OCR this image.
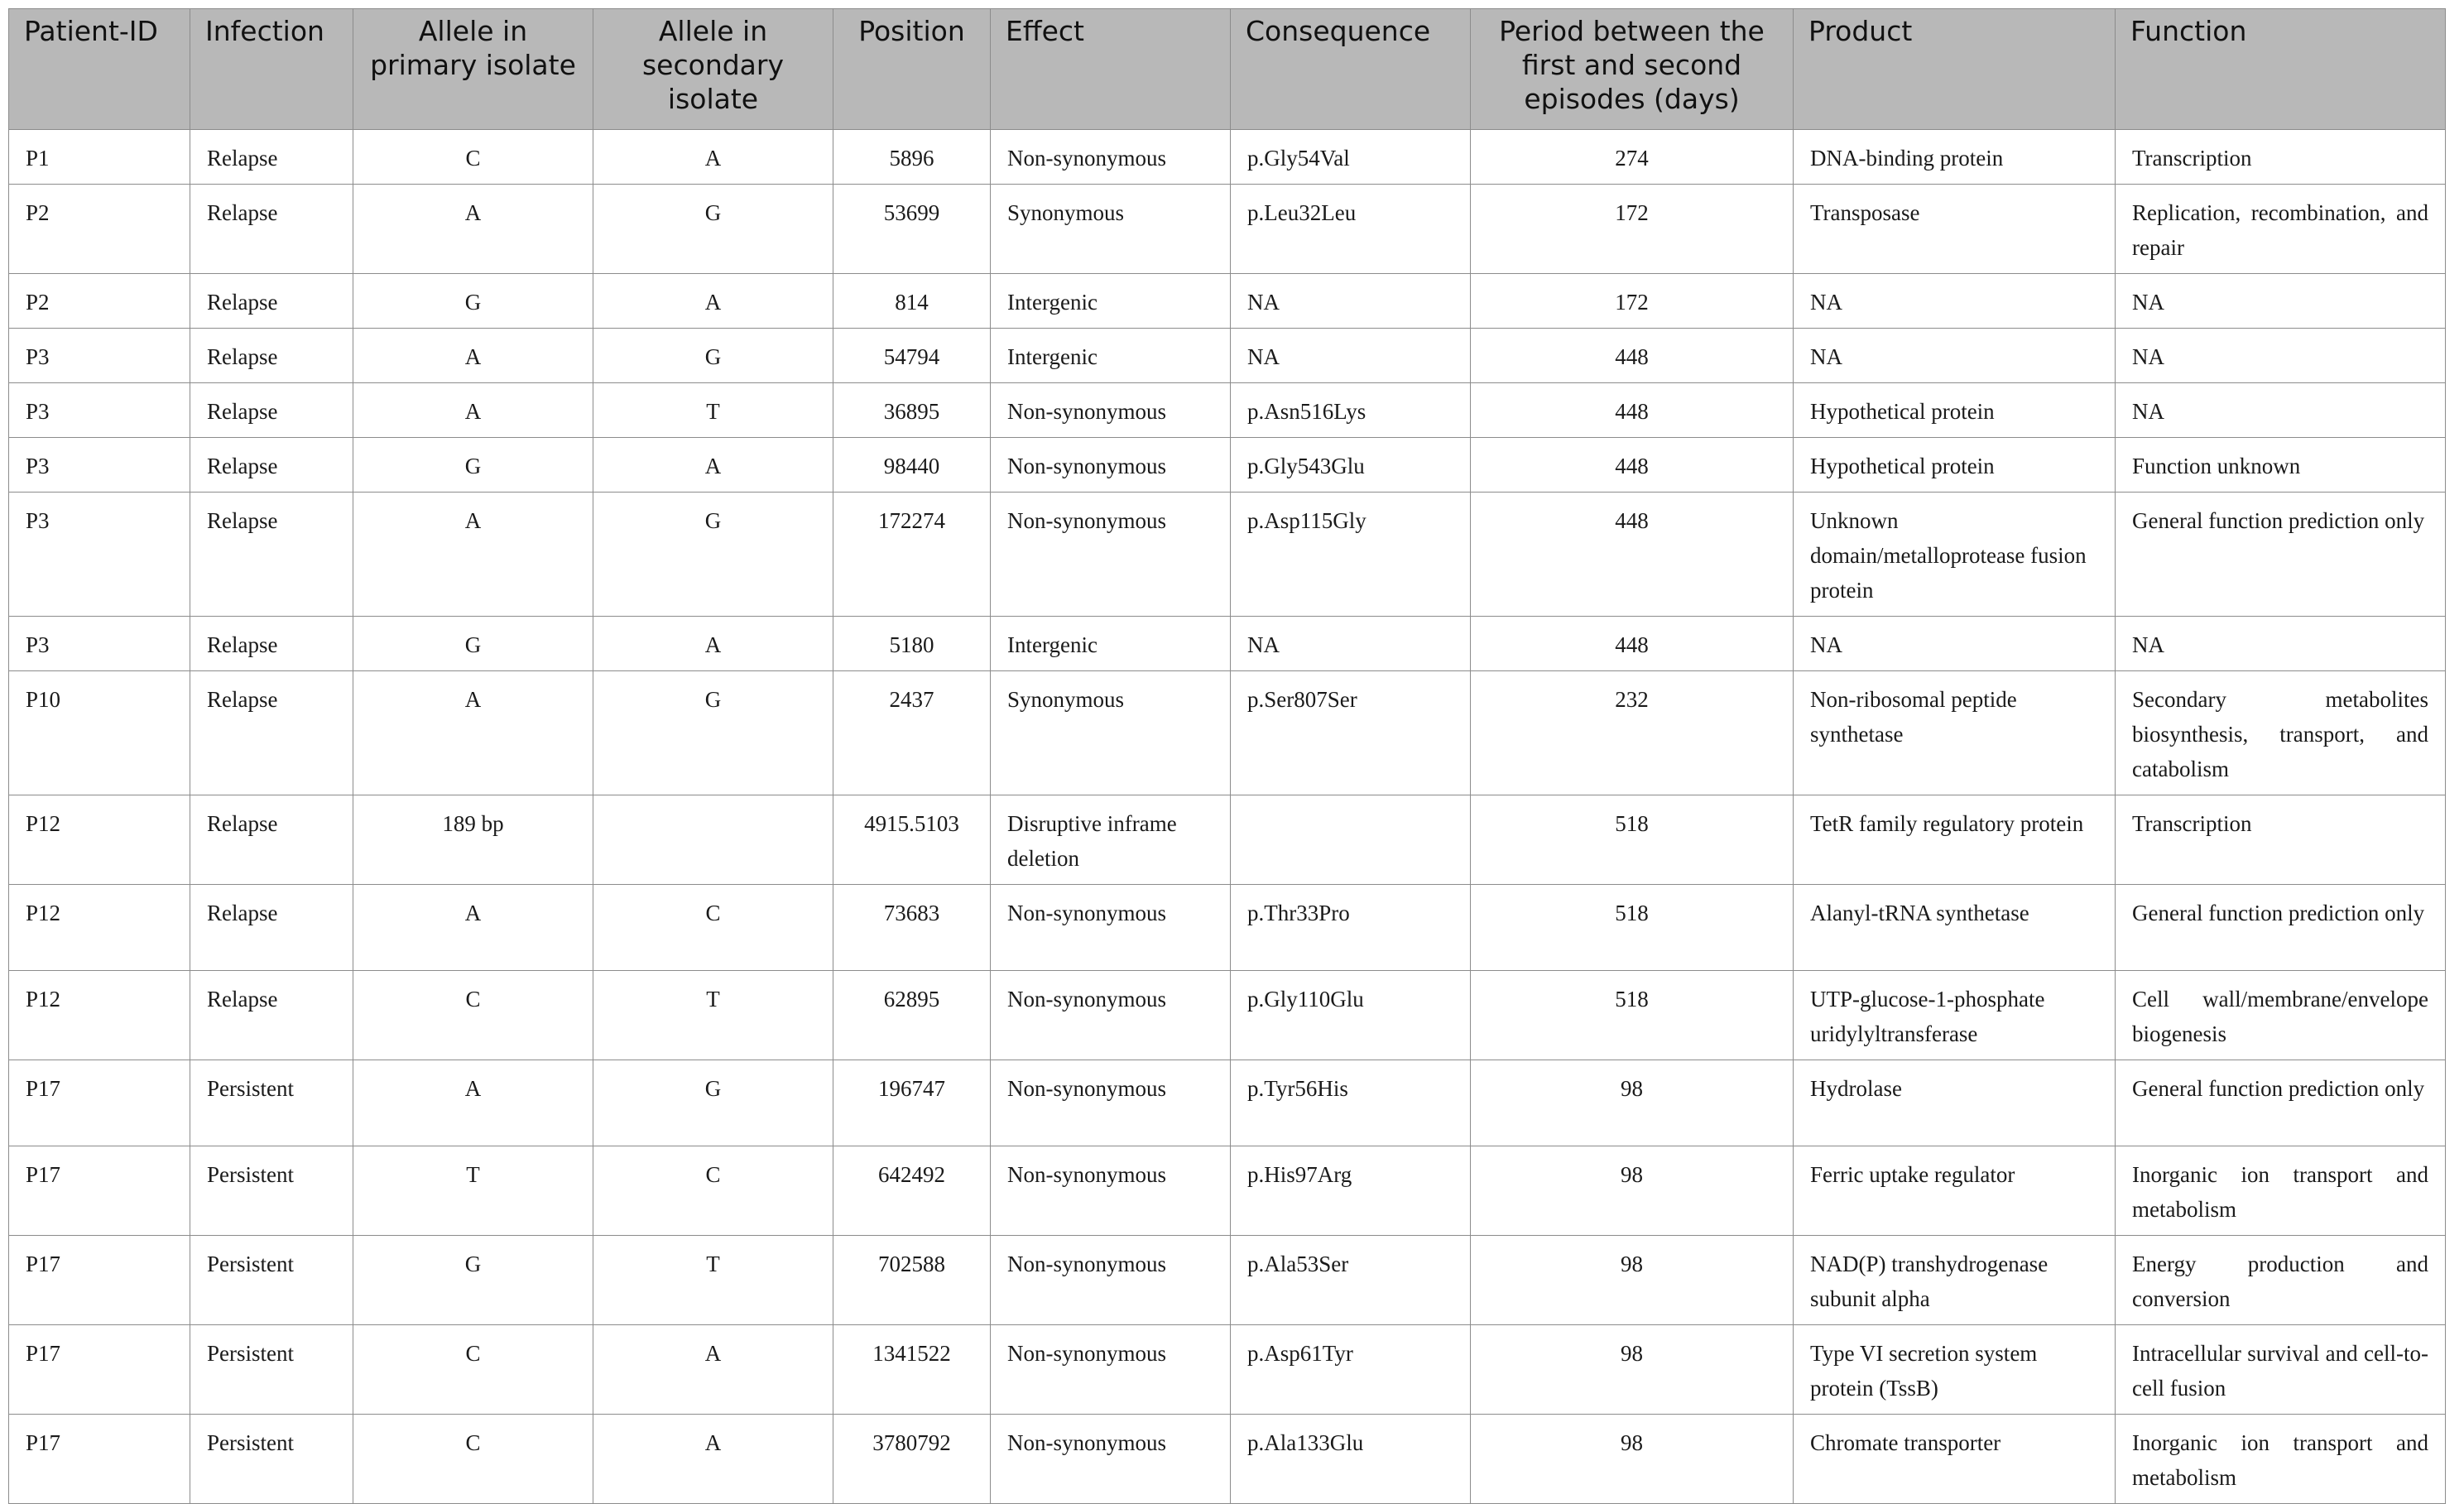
Patient-ID	Infection	Allele in primary isolate	Allele in secondary isolate	Position	Effect	Consequence	Period between the first and second episodes (days)	Product	Function
P1	Relapse	C	A	5896	Non-synonymous	p.Gly54Val	274	DNA-binding protein	Transcription
P2	Relapse	A	G	53699	Synonymous	p.Leu32Leu	172	Transposase	Replication, recombination, and repair
P2	Relapse	G	A	814	Intergenic	NA	172	NA	NA
P3	Relapse	A	G	54794	Intergenic	NA	448	NA	NA
P3	Relapse	A	T	36895	Non-synonymous	p.Asn516Lys	448	Hypothetical protein	NA
P3	Relapse	G	A	98440	Non-synonymous	p.Gly543Glu	448	Hypothetical protein	Function unknown
P3	Relapse	A	G	172274	Non-synonymous	p.Asp115Gly	448	Unknown domain/metalloprotease fusion protein	General function prediction only
P3	Relapse	G	A	5180	Intergenic	NA	448	NA	NA
P10	Relapse	A	G	2437	Synonymous	p.Ser807Ser	232	Non-ribosomal peptide synthetase	Secondary metabolites biosynthesis, transport, and catabolism
P12	Relapse	189 bp		4915.5103	Disruptive inframe deletion		518	TetR family regulatory protein	Transcription
P12	Relapse	A	C	73683	Non-synonymous	p.Thr33Pro	518	Alanyl-tRNA synthetase	General function prediction only
P12	Relapse	C	T	62895	Non-synonymous	p.Gly110Glu	518	UTP-glucose-1-phosphate uridylyltransferase	Cell wall/membrane/envelope biogenesis
P17	Persistent	A	G	196747	Non-synonymous	p.Tyr56His	98	Hydrolase	General function prediction only
P17	Persistent	T	C	642492	Non-synonymous	p.His97Arg	98	Ferric uptake regulator	Inorganic ion transport and metabolism
P17	Persistent	G	T	702588	Non-synonymous	p.Ala53Ser	98	NAD(P) transhydrogenase subunit alpha	Energy production and conversion
P17	Persistent	C	A	1341522	Non-synonymous	p.Asp61Tyr	98	Type VI secretion system protein (TssB)	Intracellular survival and cell-to-cell fusion
P17	Persistent	C	A	3780792	Non-synonymous	p.Ala133Glu	98	Chromate transporter	Inorganic ion transport and metabolism
